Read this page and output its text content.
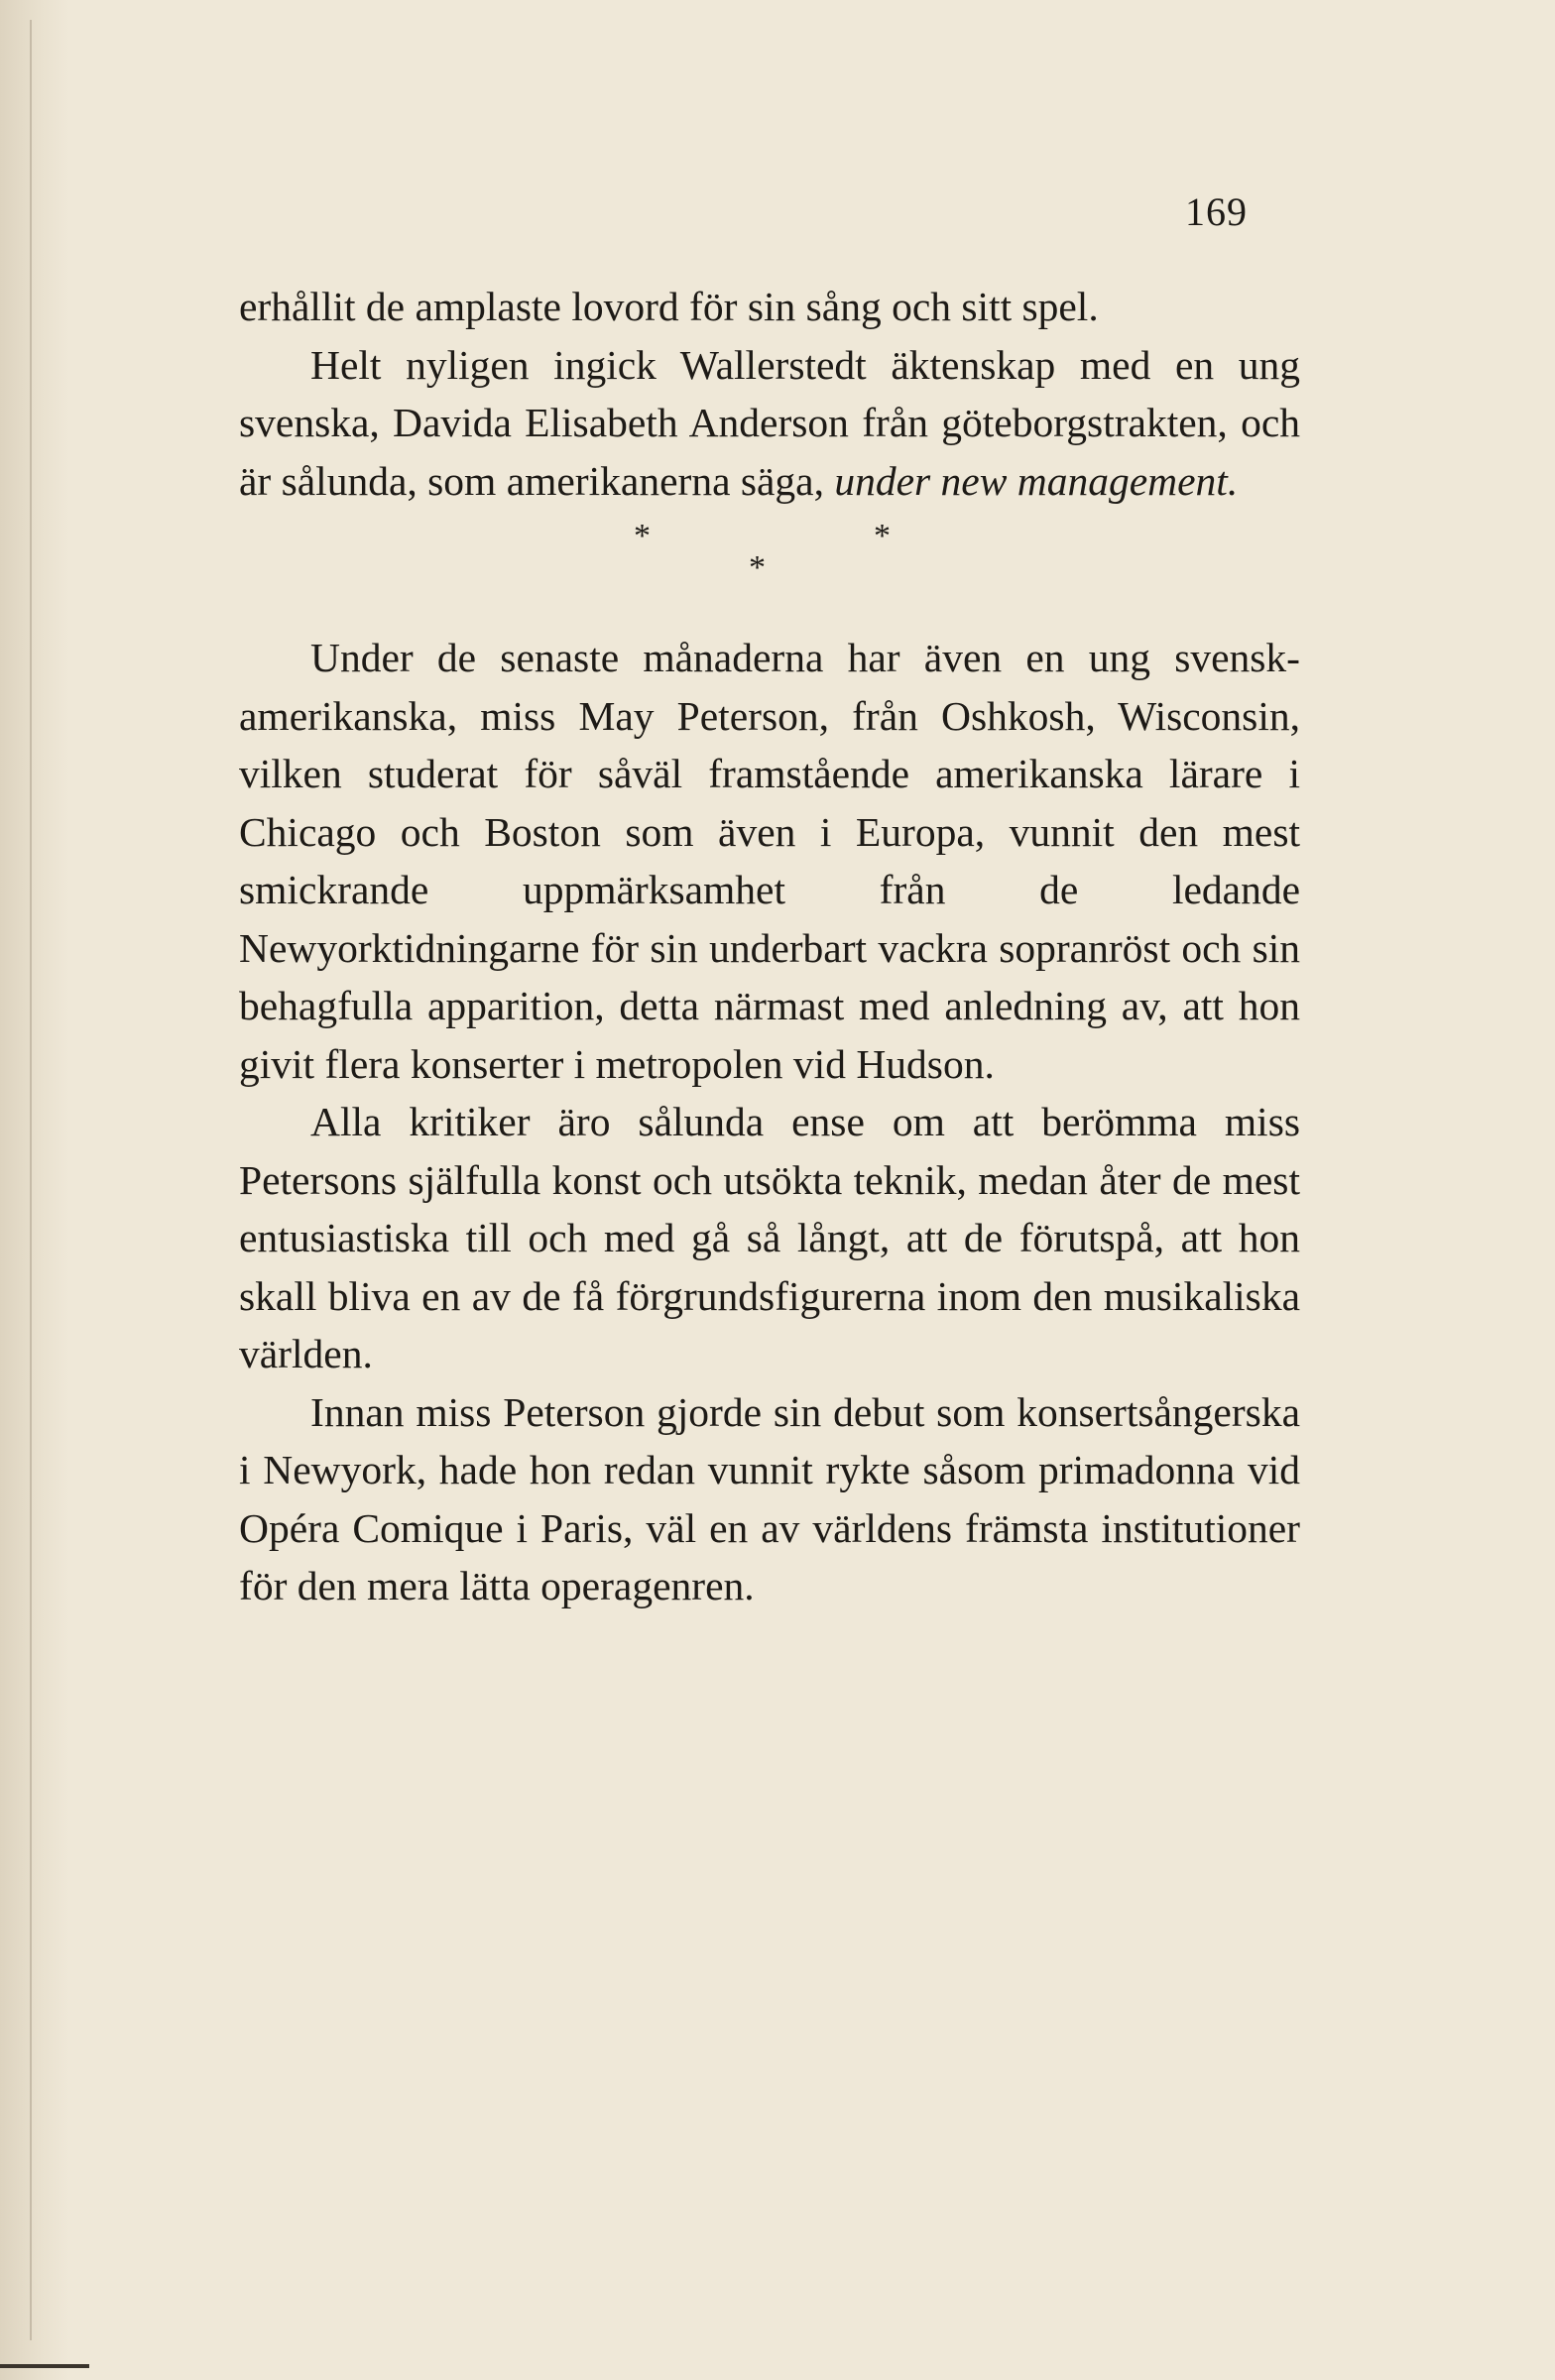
169

erhållit de amplaste lovord för sin sång och sitt spel.

Helt nyligen ingick Wallerstedt äktenskap med en ung svenska, Davida Elisabeth Anderson från göteborgstrakten, och är sålunda, som amerikanerna säga, under new management.

*	*
*

Under de senaste månaderna har även en ung svensk-amerikanska, miss May Peterson, från Oshkosh, Wisconsin, vilken studerat för såväl framstående amerikanska lärare i Chicago och Boston som även i Europa, vunnit den mest smickrande uppmärksamhet från de ledande Newyorktidningarne för sin underbart vackra sopranröst och sin behagfulla apparition, detta närmast med anledning av, att hon givit flera konserter i metropolen vid Hudson.

Alla kritiker äro sålunda ense om att berömma miss Petersons själfulla konst och utsökta teknik, medan åter de mest entusiastiska till och med gå så långt, att de förutspå, att hon skall bliva en av de få förgrundsfigurerna inom den musikaliska världen.

Innan miss Peterson gjorde sin debut som konsertsångerska i Newyork, hade hon redan vunnit rykte såsom primadonna vid Opéra Comique i Paris, väl en av världens främsta institutioner för den mera lätta operagenren.
